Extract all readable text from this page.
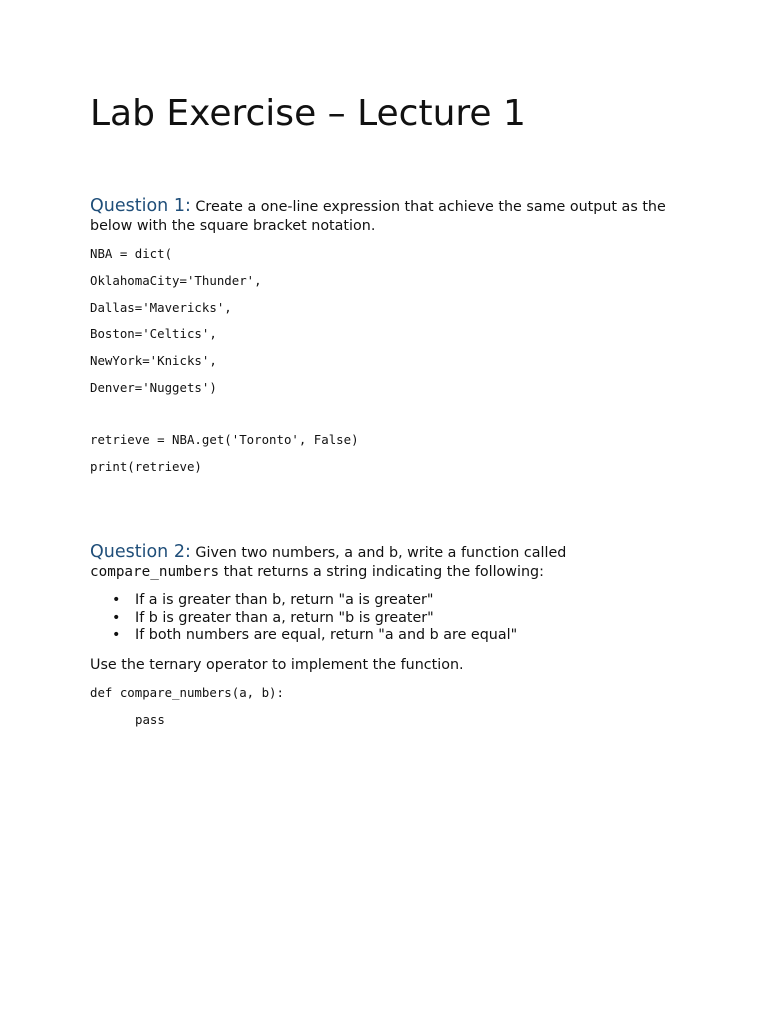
Lab Exercise – Lecture 1

Question 1: Create a one-line expression that achieve the same output as the

below with the square bracket notation.

NBA = dict(
OklahomaCity='Thunder',
Dallas='Mavericks',
Boston='Celtics',
NewYork='Knicks',
Denver='Nuggets')
retrieve = NBA.get('Toronto', False)
print(retrieve)

Question 2: Given two numbers, a and b, write a function called

compare_numbers that returns a string indicating the following:

• If a is greater than b, return "a is greater"
• If b is greater than a, return "b is greater"
• If both numbers are equal, return "a and b are equal"

Use the ternary operator to implement the function.

def compare_numbers(a, b):
pass
